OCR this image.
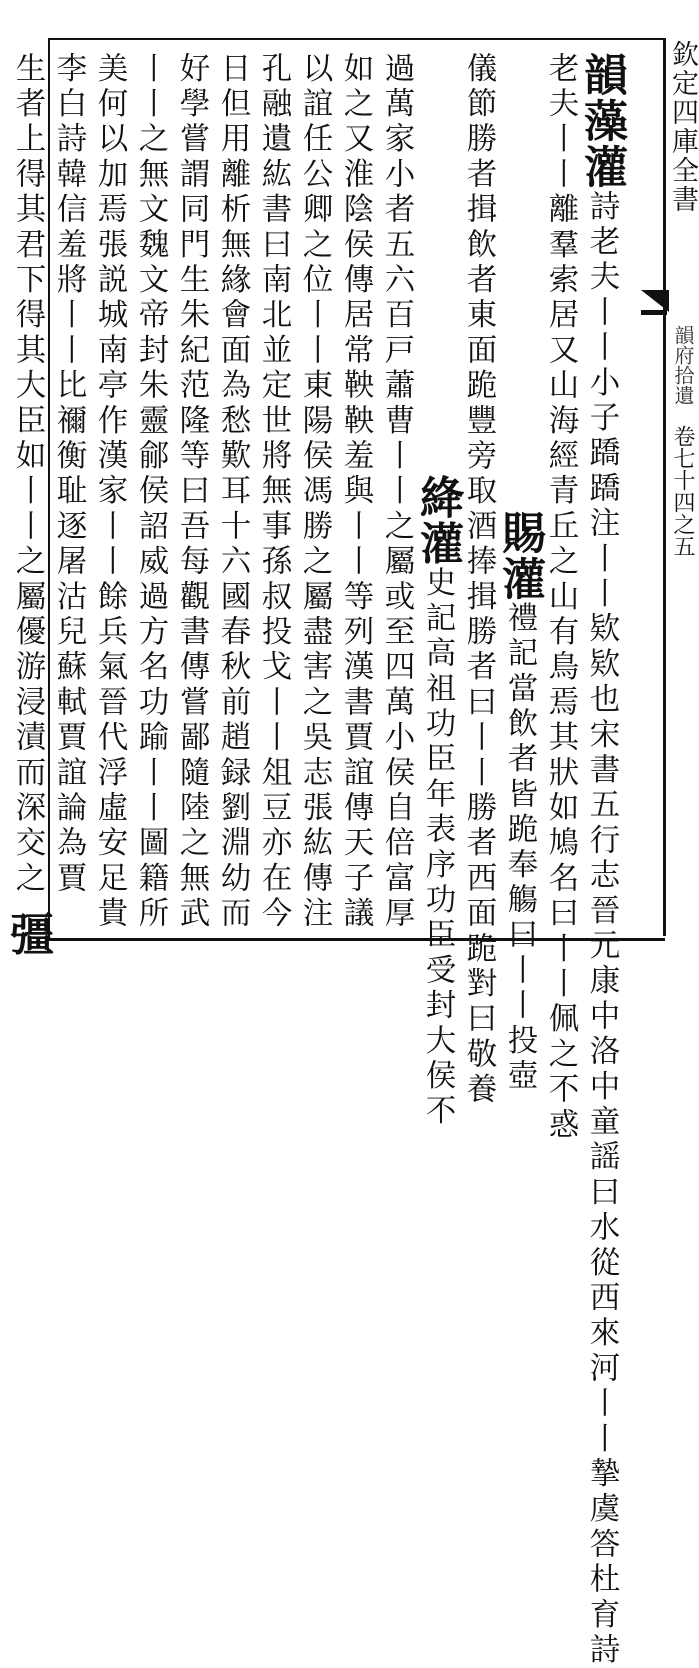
欽定四庫全書
韻府拾遺
卷七十四之五
韻藻灌詩老夫丨丨小子蹻蹻注丨丨欵欵也宋書五行志晉元康中洛中童謡曰水從西來河丨丨摯虞答杜育詩
老夫丨丨離羣索居又山海經青丘之山有鳥焉其狀如鳩名曰丨丨佩之不惑
　　　　　　　　　　　　　賜灌禮記當飲者皆跪奉觴曰丨丨投壺
儀節勝者揖飲者東面跪豐旁取酒捧揖勝者曰丨丨勝者西面跪對曰敬養
　　　　　　　　　　　　絳灌史記高祖功臣年表序功臣受封大侯不
過萬家小者五六百戸蕭曹丨丨之屬或至四萬小侯自倍富厚
如之又淮陰侯傳居常鞅鞅羞與丨丨等列漢書賈誼傳天子議
以誼任公卿之位丨丨東陽侯馮勝之屬盡害之吳志張紘傳注
孔融遺紘書曰南北並定世將無事孫叔投戈丨丨俎豆亦在今
日但用離析無緣會面為愁歎耳十六國春秋前趙録劉淵幼而
好學嘗謂同門生朱紀范隆等曰吾每觀書傳嘗鄙隨陸之無武
丨丨之無文魏文帝封朱靈鄃侯詔威過方名功踰丨丨圖籍所
美何以加焉張説城南亭作漢家丨丨餘兵氣晉代浮虛安足貴
李白詩韓信羞將丨丨比禰衡耻逐屠沽兒蘇軾賈誼論為賈
生者上得其君下得其大臣如丨丨之屬優游浸漬而深交之 彊
